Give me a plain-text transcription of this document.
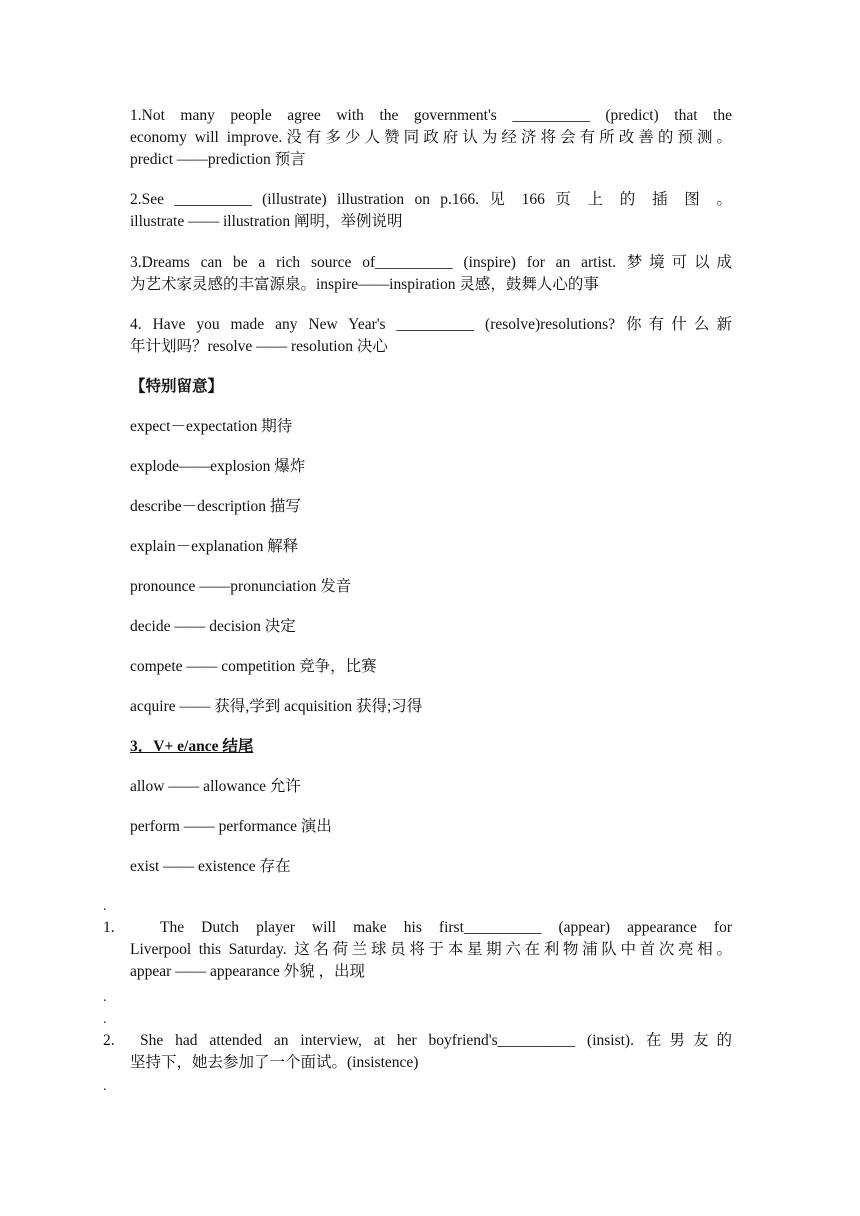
1.Not many people agree with the government's __________ (predict) that the
economy will improve.没有多少人赞同政府认为经济将会有所改善的预测。
predict ——prediction 预言
2.See __________ (illustrate) illustration on p.166. 见 166 页 上 的 插 图 。
illustrate —— illustration 阐明，举例说明
3.Dreams can be a rich source of__________ (inspire) for an artist. 梦境可以成
为艺术家灵感的丰富源泉。inspire——inspiration 灵感，鼓舞人心的事
4. Have you made any New Year's __________ (resolve)resolutions? 你有什么新
年计划吗？resolve —— resolution 决心

【特别留意】

expect－expectation 期待

explode——explosion 爆炸

describe－description 描写

explain－explanation 解释

pronounce ——pronunciation 发音

decide —— decision 决定

compete —— competition 竞争，比赛

acquire —— 获得,学到 acquisition 获得;习得

3．V+ e/ance 结尾

allow —— allowance 允许

perform —— performance 演出

exist —— existence 存在

.

1.	The Dutch player will make his first__________ (appear) appearance for
Liverpool this Saturday. 这名荷兰球员将于本星期六在利物浦队中首次亮相。
appear —— appearance 外貌 ，出现

.

.

2.	She had attended an interview, at her boyfriend's__________ (insist). 在男友的
坚持下，她去参加了一个面试。(insistence)

.
